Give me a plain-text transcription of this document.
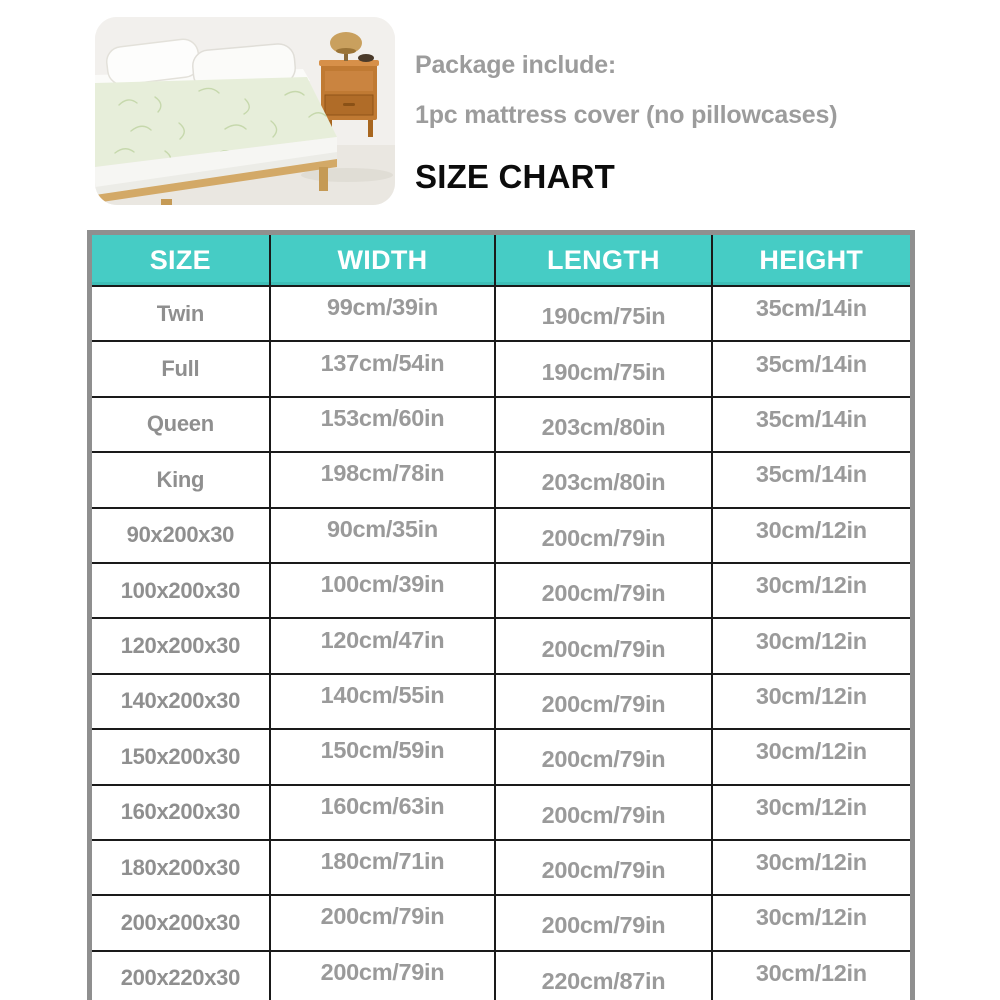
Package include:

1pc mattress cover (no pillowcases)

SIZE CHART
SIZE	WIDTH	LENGTH	HEIGHT
Twin	99cm/39in	190cm/75in	35cm/14in
Full	137cm/54in	190cm/75in	35cm/14in
Queen	153cm/60in	203cm/80in	35cm/14in
King	198cm/78in	203cm/80in	35cm/14in
90x200x30	90cm/35in	200cm/79in	30cm/12in
100x200x30	100cm/39in	200cm/79in	30cm/12in
120x200x30	120cm/47in	200cm/79in	30cm/12in
140x200x30	140cm/55in	200cm/79in	30cm/12in
150x200x30	150cm/59in	200cm/79in	30cm/12in
160x200x30	160cm/63in	200cm/79in	30cm/12in
180x200x30	180cm/71in	200cm/79in	30cm/12in
200x200x30	200cm/79in	200cm/79in	30cm/12in
200x220x30	200cm/79in	220cm/87in	30cm/12in
